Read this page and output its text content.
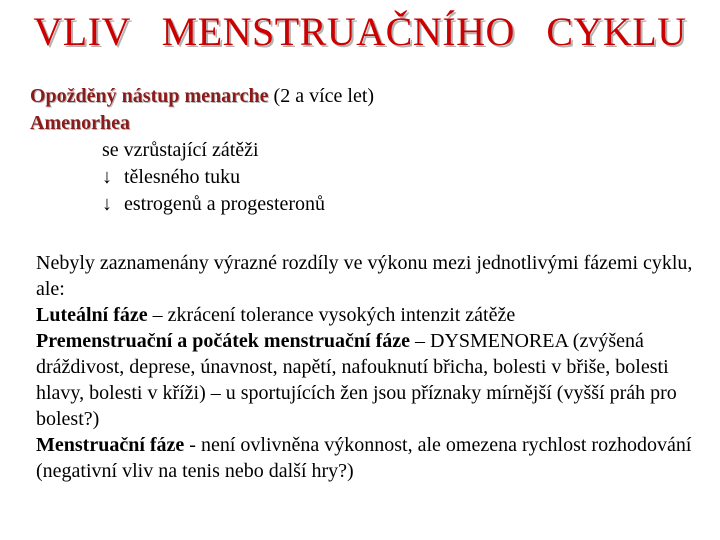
VLIV   MENSTRUAČNÍHO   CYKLU
Opožděný nástup menarche (2 a více let)
Amenorhea
se vzrůstající zátěži
↓ tělesného tuku
↓ estrogenů a progesteronů

Nebyly zaznamenány výrazné rozdíly ve výkonu mezi jednotlivými fázemi cyklu, ale:

Luteální fáze – zkrácení tolerance vysokých intenzit zátěže

Premenstruační a počátek menstruační fáze – DYSMENOREA (zvýšená dráždivost, deprese, únavnost, napětí, nafouknutí břicha, bolesti v břiše, bolesti hlavy, bolesti v kříži) – u sportujících žen jsou příznaky mírnější (vyšší práh pro bolest?)

Menstruační fáze - není ovlivněna výkonnost, ale omezena rychlost rozhodování (negativní vliv na tenis nebo další hry?)
